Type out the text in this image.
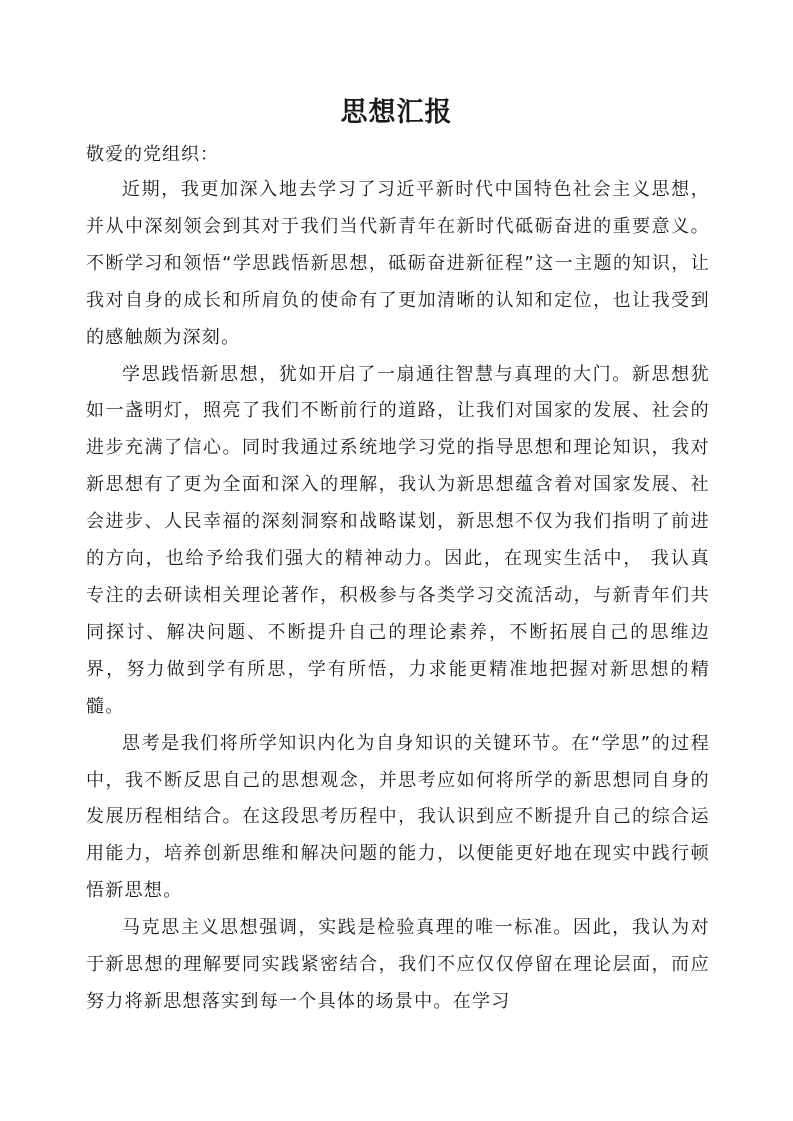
思想汇报
敬爱的党组织：

近期，我更加深入地去学习了习近平新时代中国特色社会主义思想，并从中深刻领会到其对于我们当代新青年在新时代砥砺奋进的重要意义。不断学习和领悟“学思践悟新思想，砥砺奋进新征程”这一主题的知识，让我对自身的成长和所肩负的使命有了更加清晰的认知和定位，也让我受到的感触颇为深刻。

学思践悟新思想，犹如开启了一扇通往智慧与真理的大门。新思想犹如一盏明灯，照亮了我们不断前行的道路，让我们对国家的发展、社会的进步充满了信心。同时我通过系统地学习党的指导思想和理论知识，我对新思想有了更为全面和深入的理解，我认为新思想蕴含着对国家发展、社会进步、人民幸福的深刻洞察和战略谋划，新思想不仅为我们指明了前进的方向，也给予给我们强大的精神动力。因此，在现实生活中， 我认真专注的去研读相关理论著作，积极参与各类学习交流活动，与新青年们共同探讨、解决问题、不断提升自己的理论素养，不断拓展自己的思维边界，努力做到学有所思，学有所悟，力求能更精准地把握对新思想的精髓。

思考是我们将所学知识内化为自身知识的关键环节。在“学思”的过程中，我不断反思自己的思想观念，并思考应如何将所学的新思想同自身的发展历程相结合。在这段思考历程中，我认识到应不断提升自己的综合运用能力，培养创新思维和解决问题的能力，以便能更好地在现实中践行顿悟新思想。

马克思主义思想强调，实践是检验真理的唯一标准。因此，我认为对于新思想的理解要同实践紧密结合，我们不应仅仅停留在理论层面，而应努力将新思想落实到每一个具体的场景中。在学习
